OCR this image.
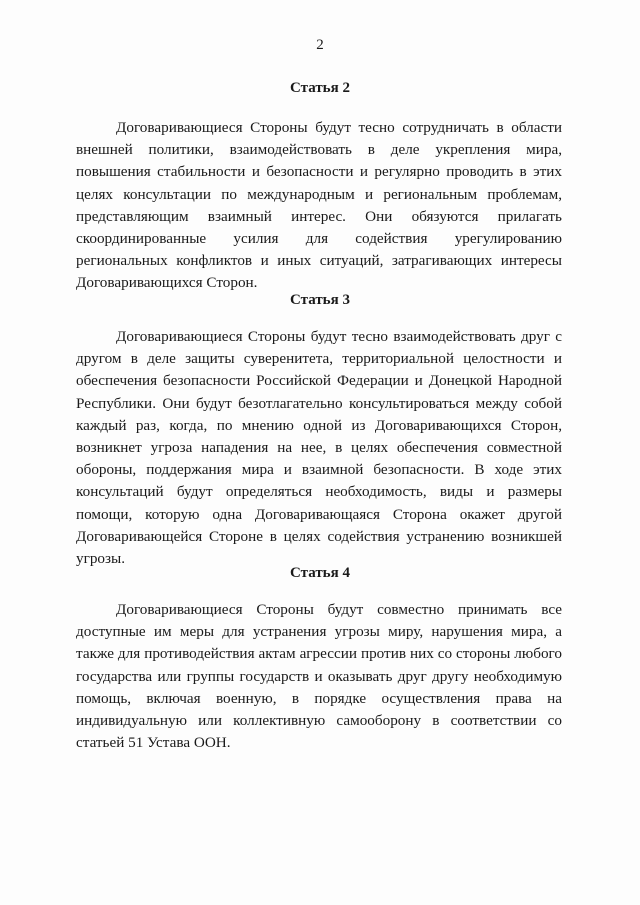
2
Статья 2

Договаривающиеся Стороны будут тесно сотрудничать в области внешней политики, взаимодействовать в деле укрепления мира, повышения стабильности и безопасности и регулярно проводить в этих целях консультации по международным и региональным проблемам, представляющим взаимный интерес. Они обязуются прилагать скоординированные усилия для содействия урегулированию региональных конфликтов и иных ситуаций, затрагивающих интересы Договаривающихся Сторон.

Статья 3

Договаривающиеся Стороны будут тесно взаимодействовать друг с другом в деле защиты суверенитета, территориальной целостности и обеспечения безопасности Российской Федерации и Донецкой Народной Республики. Они будут безотлагательно консультироваться между собой каждый раз, когда, по мнению одной из Договаривающихся Сторон, возникнет угроза нападения на нее, в целях обеспечения совместной обороны, поддержания мира и взаимной безопасности. В ходе этих консультаций будут определяться необходимость, виды и размеры помощи, которую одна Договаривающаяся Сторона окажет другой Договаривающейся Стороне в целях содействия устранению возникшей угрозы.

Статья 4

Договаривающиеся Стороны будут совместно принимать все доступные им меры для устранения угрозы миру, нарушения мира, а также для противодействия актам агрессии против них со стороны любого государства или группы государств и оказывать друг другу необходимую помощь, включая военную, в порядке осуществления права на индивидуальную или коллективную самооборону в соответствии со статьей 51 Устава ООН.
